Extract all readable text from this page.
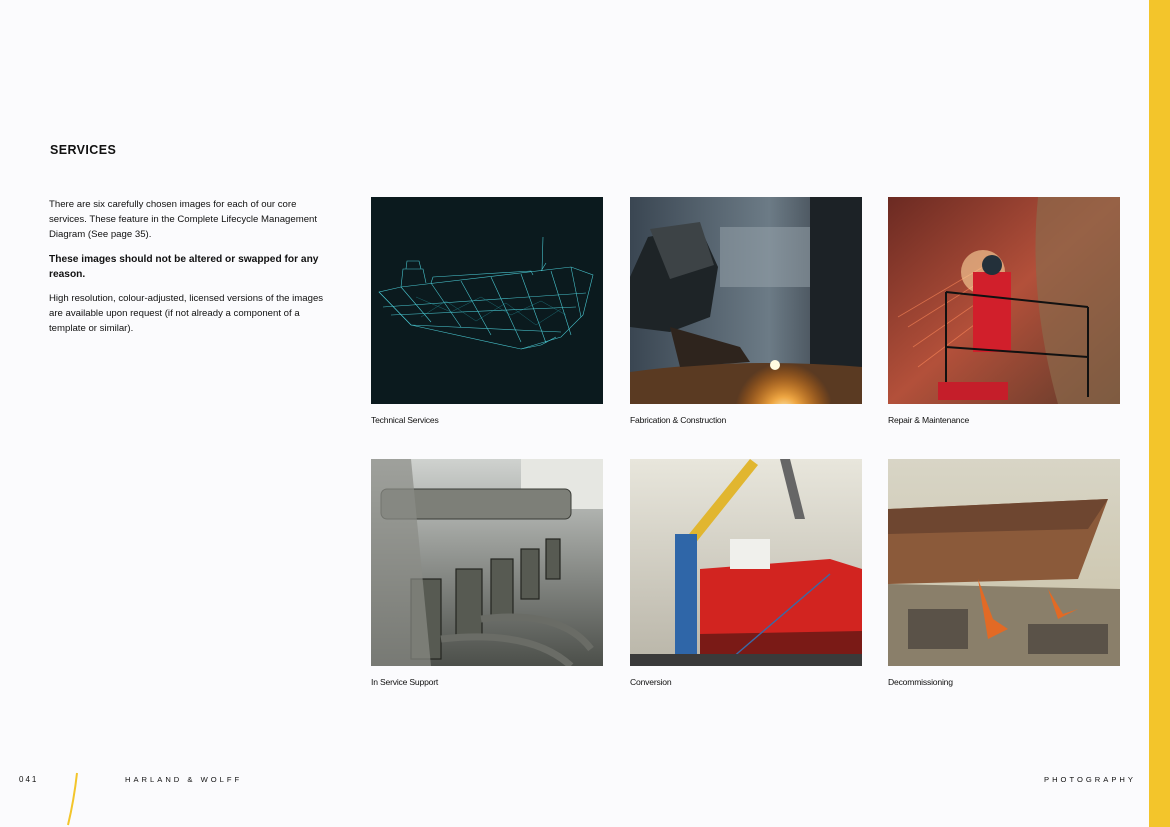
SERVICES

There are six carefully chosen images for each of our core services. These feature in the Complete Lifecycle Management Diagram (See page 35).

These images should not be altered or swapped for any reason.

High resolution, colour-adjusted, licensed versions of the images are available upon request (if not already a component of a template or similar).

Technical Services	Fabrication & Construction	Repair & Maintenance
In Service Support	Conversion	Decommissioning
041	HARLAND & WOLFF	PHOTOGRAPHY
